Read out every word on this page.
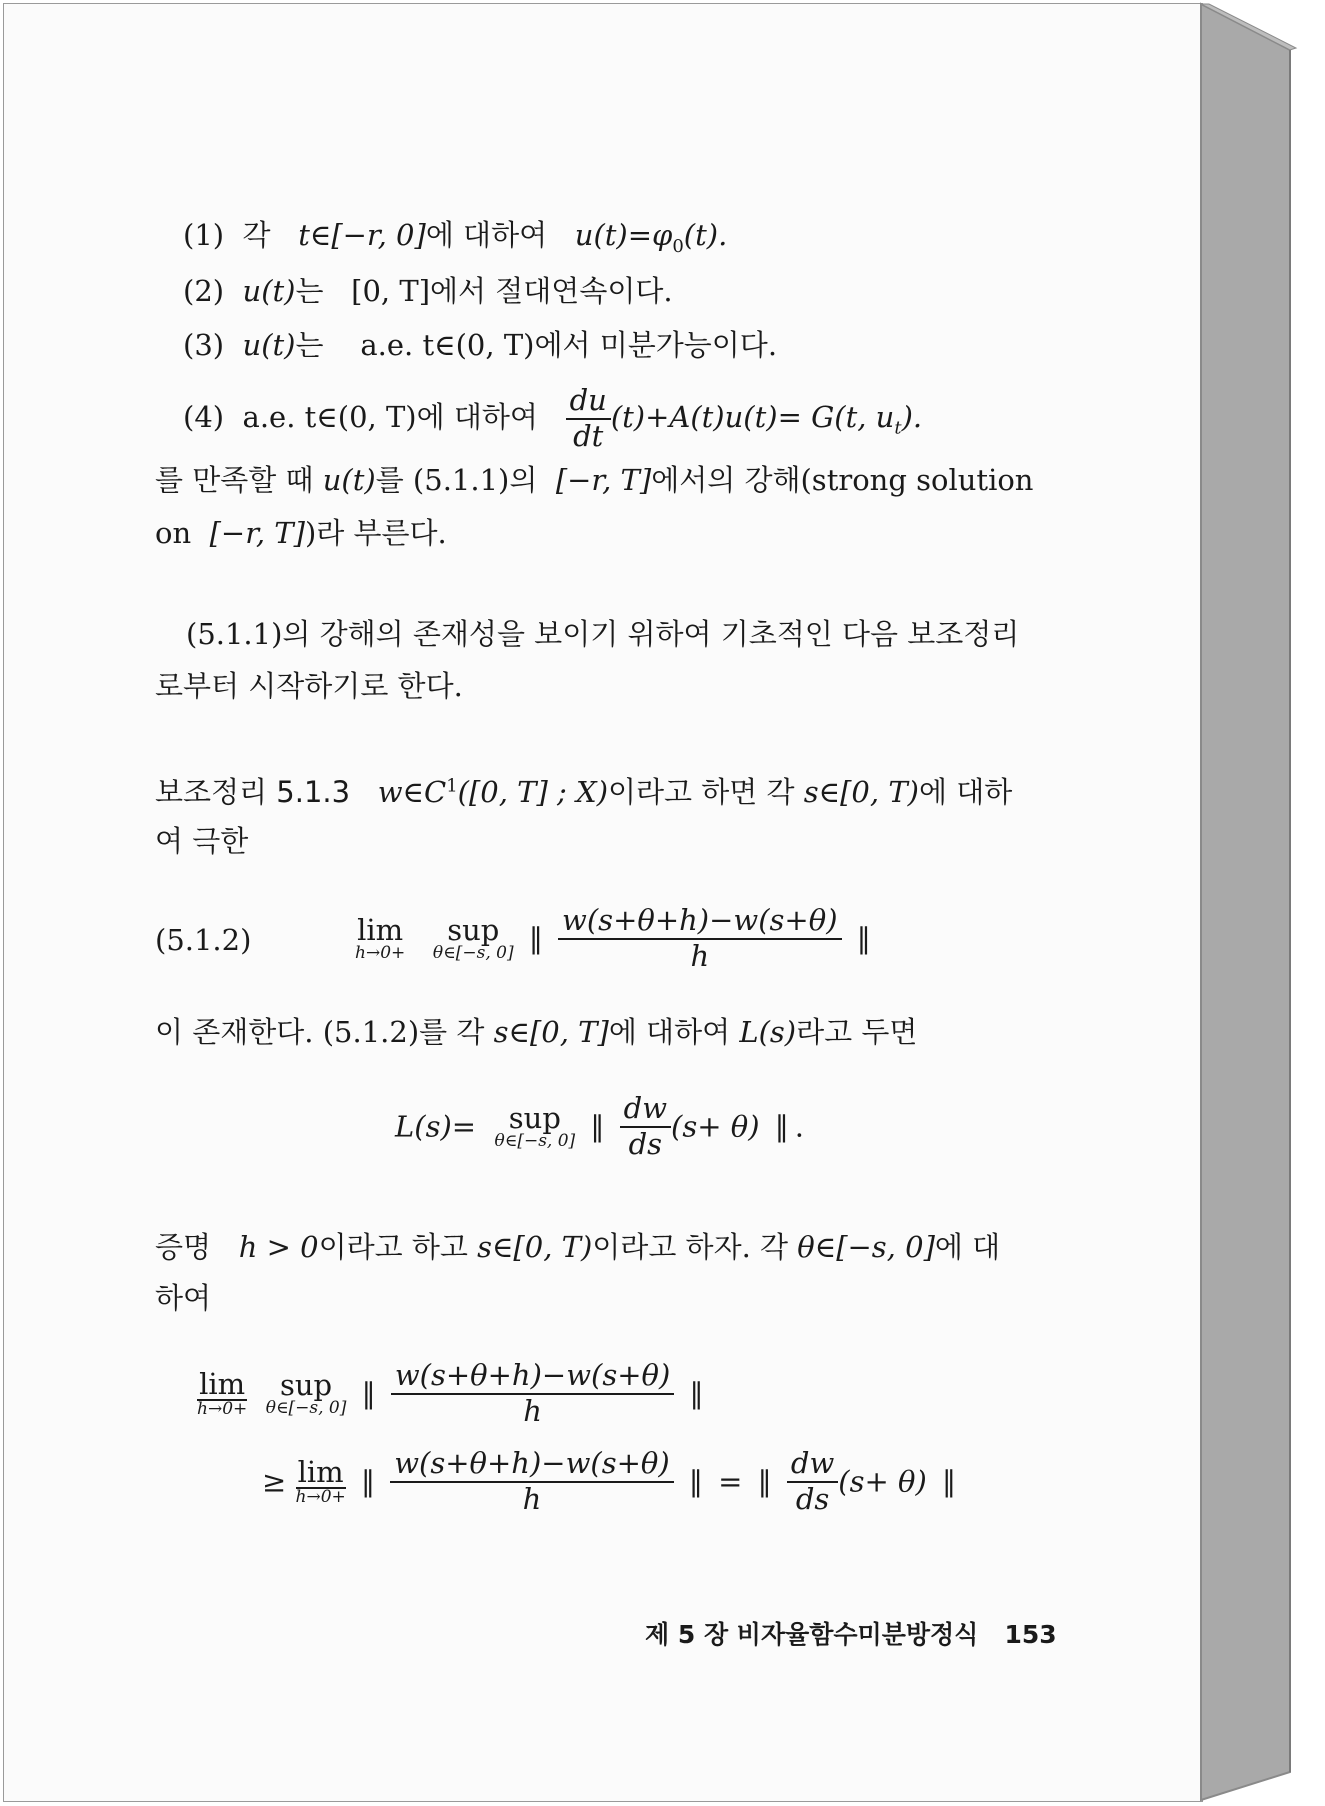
(1) 각   t∈[−r, 0]에 대하여   $u(t)=\varphi_0(t)$.
(2) u(t)는   [0, T]에서 절대연속이다.
(3) u(t)는    a.e. t∈(0, T)에서 미분가능이다.
(4) a.e. t∈(0, T)에 대하여 $\frac{du}{dt} (t)+A(t)u(t)= G(t$, $u_t$).
를 만족할 때 u(t)를 (5.1.1)의  [−r, T]에서의 강해(strong solution
on  [−r, T])라 부른다.
(5.1.1)의 강해의 존재성을 보이기 위하여 기초적인 다음 보조정리
로부터 시작하기로 한다.
보조정리 5.1.3 $w\in C^1([0$, T] ; X)이라고 하면 각 s∈[0, T)에 대하
여 극한
(5.1.2)	lim
h→0+

sup
θ∈[−s, 0] ‖ $\frac{w(s+\theta+h)-w(s+\theta)}{h}$ ‖
이 존재한다. (5.1.2)를 각 s∈[0, T]에 대하여 L(s)라고 두면
L(s)=	sup
θ∈[−s, 0] ‖ $\frac{dw}{ds} (s+ \theta)$ ‖ .
증명 h > 0이라고 하고 s∈[0, T)이라고 하자. 각 θ∈[−s, 0]에 대
하여
lim
h→0+

sup
θ∈[−s, 0] ‖ $\frac{w(s+\theta+h)-w(s+\theta)}{h}$ ‖
≥ lim
h→0+ ‖ $\frac{w(s+\theta+h)-w(s+\theta)}{h}$ ‖ = ‖ $\frac{dw}{ds} (s+ \theta)$ ‖
제 5 장 비자율함수미분방정식 153
